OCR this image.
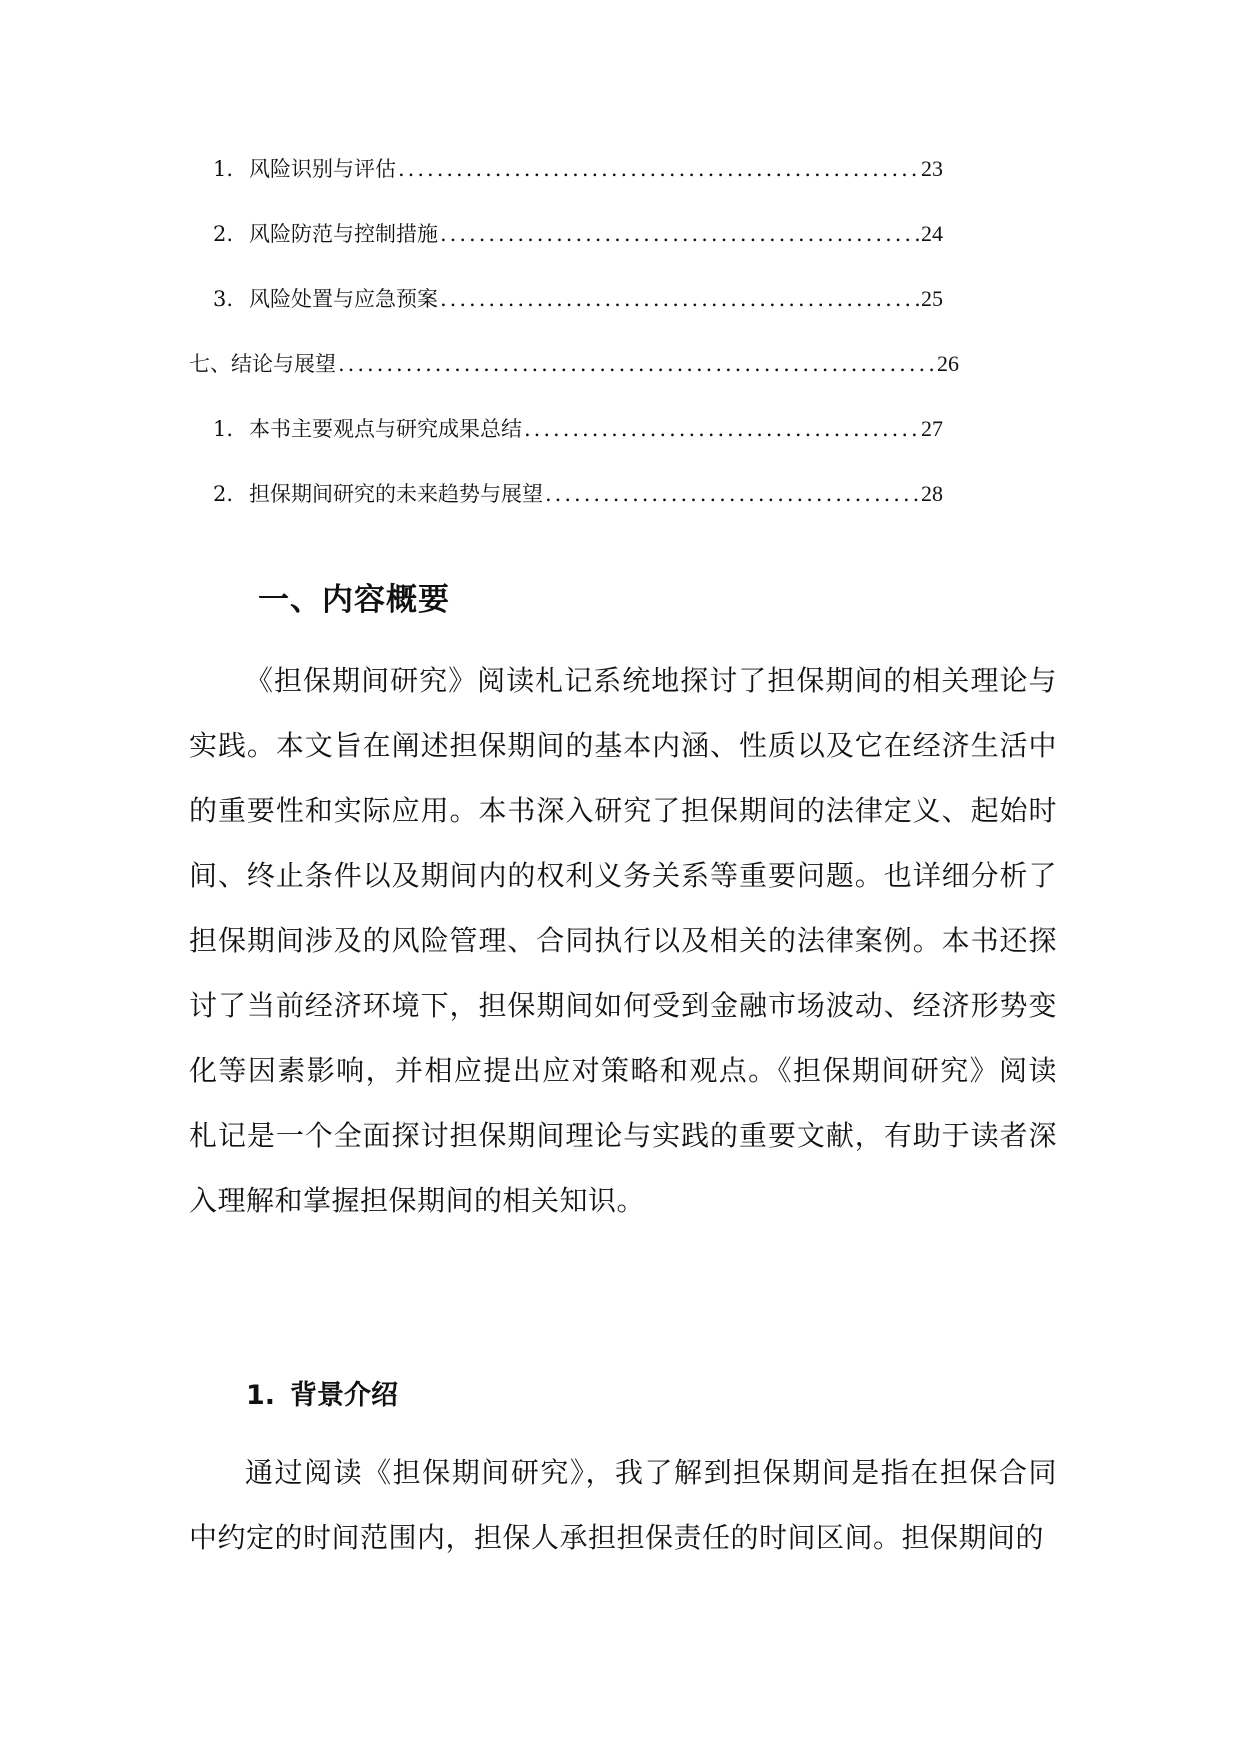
1. 风险识别与评估 .....	23
2. 风险防范与控制措施 .....	24
3. 风险处置与应急预案 .....	25
七、结论与展望 .....	26
1. 本书主要观点与研究成果总结 .....	27
2. 担保期间研究的未来趋势与展望 .....	28
一、内容概要
《担保期间研究》阅读札记系统地探讨了担保期间的相关理论与实践。本文旨在阐述担保期间的基本内涵、性质以及它在经济生活中的重要性和实际应用。本书深入研究了担保期间的法律定义、起始时间、终止条件以及期间内的权利义务关系等重要问题。也详细分析了担保期间涉及的风险管理、合同执行以及相关的法律案例。本书还探讨了当前经济环境下，担保期间如何受到金融市场波动、经济形势变化等因素影响，并相应提出应对策略和观点。《担保期间研究》阅读札记是一个全面探讨担保期间理论与实践的重要文献，有助于读者深入理解和掌握担保期间的相关知识。
1. 背景介绍
通过阅读《担保期间研究》，我了解到担保期间是指在担保合同中约定的时间范围内，担保人承担担保责任的时间区间。担保期间的
